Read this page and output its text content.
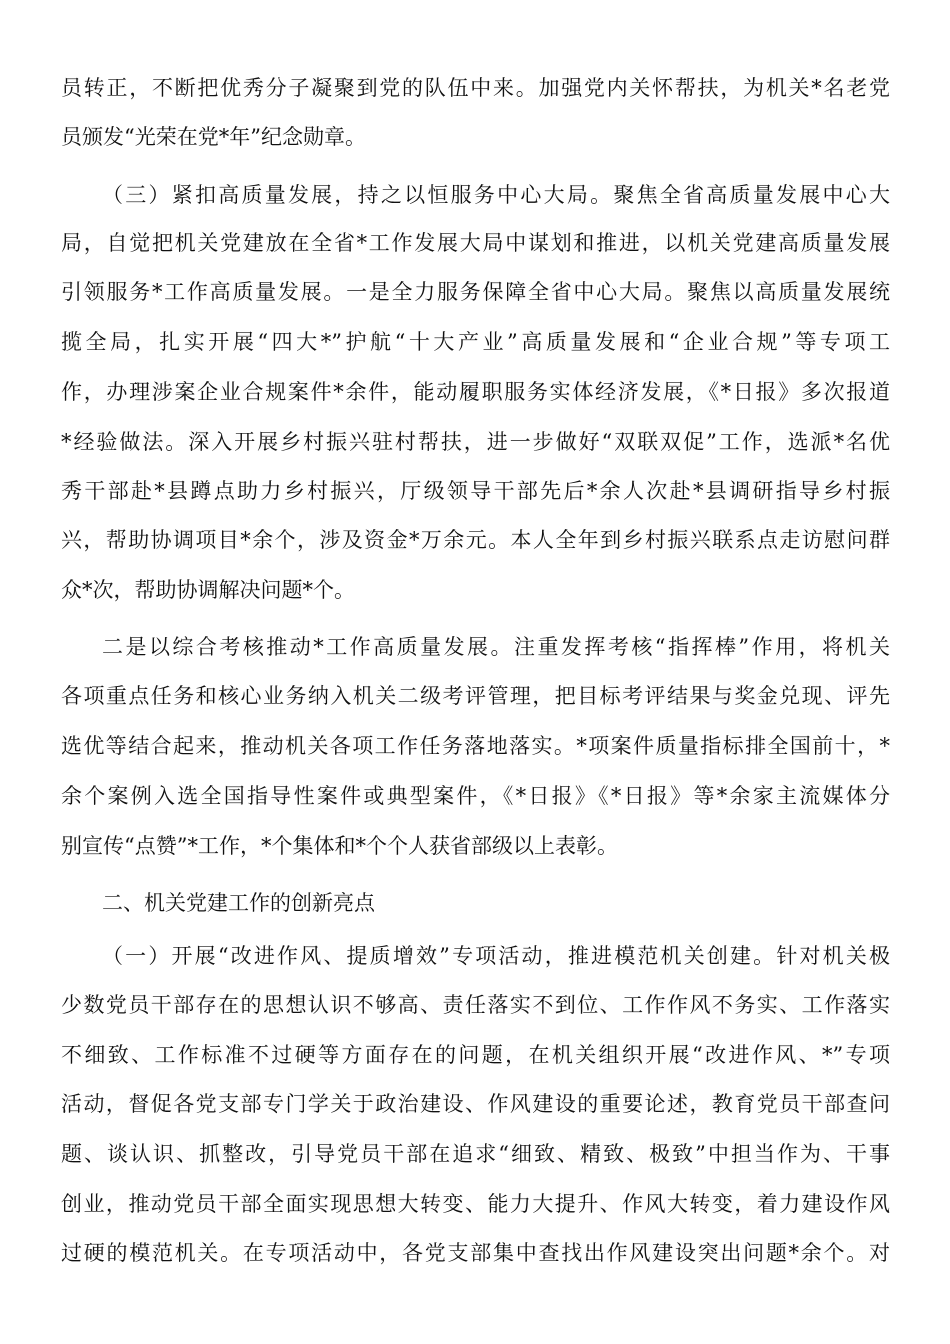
员转正，不断把优秀分子凝聚到党的队伍中来。加强党内关怀帮扶，为机关*名老党
员颁发“光荣在党*年”纪念勋章。
（三）紧扣高质量发展，持之以恒服务中心大局。聚焦全省高质量发展中心大
局，自觉把机关党建放在全省*工作发展大局中谋划和推进，以机关党建高质量发展
引领服务*工作高质量发展。一是全力服务保障全省中心大局。聚焦以高质量发展统
揽全局，扎实开展“四大*”护航“十大产业”高质量发展和“企业合规”等专项工
作，办理涉案企业合规案件*余件，能动履职服务实体经济发展，《*日报》多次报道
*经验做法。深入开展乡村振兴驻村帮扶，进一步做好“双联双促”工作，选派*名优
秀干部赴*县蹲点助力乡村振兴，厅级领导干部先后*余人次赴*县调研指导乡村振
兴，帮助协调项目*余个，涉及资金*万余元。本人全年到乡村振兴联系点走访慰问群
众*次，帮助协调解决问题*个。
二是以综合考核推动*工作高质量发展。注重发挥考核“指挥棒”作用，将机关
各项重点任务和核心业务纳入机关二级考评管理，把目标考评结果与奖金兑现、评先
选优等结合起来，推动机关各项工作任务落地落实。*项案件质量指标排全国前十，*
余个案例入选全国指导性案件或典型案件，《*日报》《*日报》等*余家主流媒体分
别宣传“点赞”*工作，*个集体和*个个人获省部级以上表彰。
二、机关党建工作的创新亮点
（一）开展“改进作风、提质增效”专项活动，推进模范机关创建。针对机关极
少数党员干部存在的思想认识不够高、责任落实不到位、工作作风不务实、工作落实
不细致、工作标准不过硬等方面存在的问题，在机关组织开展“改进作风、*”专项
活动，督促各党支部专门学关于政治建设、作风建设的重要论述，教育党员干部查问
题、谈认识、抓整改，引导党员干部在追求“细致、精致、极致”中担当作为、干事
创业，推动党员干部全面实现思想大转变、能力大提升、作风大转变，着力建设作风
过硬的模范机关。在专项活动中，各党支部集中查找出作风建设突出问题*余个。对
